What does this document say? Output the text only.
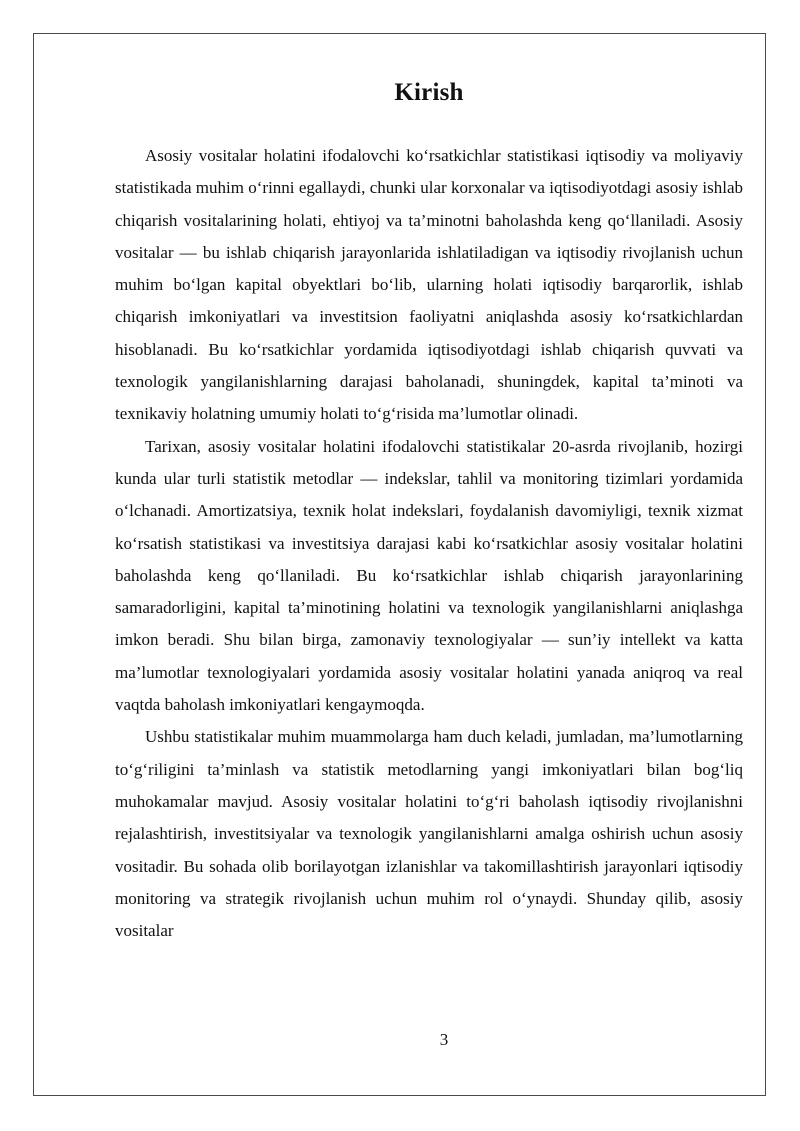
Kirish

Asosiy vositalar holatini ifodalovchi ko‘rsatkichlar statistikasi iqtisodiy va moliyaviy statistikada muhim o‘rinni egallaydi, chunki ular korxonalar va iqtisodiyotdagi asosiy ishlab chiqarish vositalarining holati, ehtiyoj va ta’minotni baholashda keng qo‘llaniladi. Asosiy vositalar — bu ishlab chiqarish jarayonlarida ishlatiladigan va iqtisodiy rivojlanish uchun muhim bo‘lgan kapital obyektlari bo‘lib, ularning holati iqtisodiy barqarorlik, ishlab chiqarish imkoniyatlari va investitsion faoliyatni aniqlashda asosiy ko‘rsatkichlardan hisoblanadi. Bu ko‘rsatkichlar yordamida iqtisodiyotdagi ishlab chiqarish quvvati va texnologik yangilanishlarning darajasi baholanadi, shuningdek, kapital ta’minoti va texnikaviy holatning umumiy holati to‘g‘risida ma’lumotlar olinadi.

Tarixan, asosiy vositalar holatini ifodalovchi statistikalar 20-asrda rivojlanib, hozirgi kunda ular turli statistik metodlar — indekslar, tahlil va monitoring tizimlari yordamida o‘lchanadi. Amortizatsiya, texnik holat indekslari, foydalanish davomiyligi, texnik xizmat ko‘rsatish statistikasi va investitsiya darajasi kabi ko‘rsatkichlar asosiy vositalar holatini baholashda keng qo‘llaniladi. Bu ko‘rsatkichlar ishlab chiqarish jarayonlarining samaradorligini, kapital ta’minotining holatini va texnologik yangilanishlarni aniqlashga imkon beradi. Shu bilan birga, zamonaviy texnologiyalar — sun’iy intellekt va katta ma’lumotlar texnologiyalari yordamida asosiy vositalar holatini yanada aniqroq va real vaqtda baholash imkoniyatlari kengaymoqda.

Ushbu statistikalar muhim muammolarga ham duch keladi, jumladan, ma’lumotlarning to‘g‘riligini ta’minlash va statistik metodlarning yangi imkoniyatlari bilan bog‘liq muhokamalar mavjud. Asosiy vositalar holatini to‘g‘ri baholash iqtisodiy rivojlanishni rejalashtirish, investitsiyalar va texnologik yangilanishlarni amalga oshirish uchun asosiy vositadir. Bu sohada olib borilayotgan izlanishlar va takomillashtirish jarayonlari iqtisodiy monitoring va strategik rivojlanish uchun muhim rol o‘ynaydi. Shunday qilib, asosiy vositalar

3
